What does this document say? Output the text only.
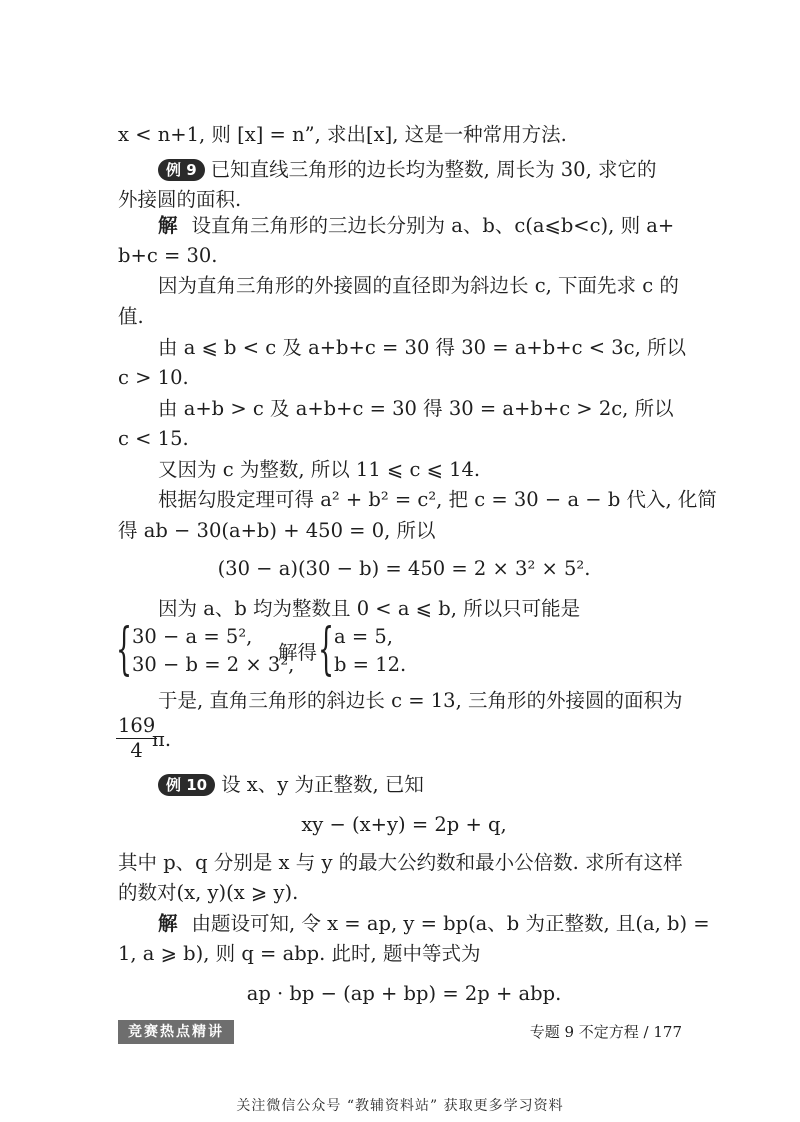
x < n+1, 则 [x] = n”, 求出[x], 这是一种常用方法.
例 9 已知直线三角形的边长均为整数, 周长为 30, 求它的
外接圆的面积.
解 设直角三角形的三边长分别为 a、b、c(a⩽b<c), 则 a+
b+c = 30.
因为直角三角形的外接圆的直径即为斜边长 c, 下面先求 c 的
值.
由 a ⩽ b < c 及 a+b+c = 30 得 30 = a+b+c < 3c, 所以
c > 10.
由 a+b > c 及 a+b+c = 30 得 30 = a+b+c > 2c, 所以
c < 15.
又因为 c 为整数, 所以 11 ⩽ c ⩽ 14.
根据勾股定理可得 a² + b² = c², 把 c = 30 − a − b 代入, 化简
得 ab − 30(a+b) + 450 = 0, 所以
(30 − a)(30 − b) = 450 = 2 × 3² × 5².
因为 a、b 均为整数且 0 < a ⩽ b, 所以只可能是
{ 30 − a = 5²,
30 − b = 2 × 3²,
解得 { a = 5,
b = 12.
于是, 直角三角形的斜边长 c = 13, 三角形的外接圆的面积为
$\frac{169}{4}$
π.
例 10 设 x、y 为正整数, 已知
xy − (x+y) = 2p + q,
其中 p、q 分别是 x 与 y 的最大公约数和最小公倍数. 求所有这样
的数对(x, y)(x ⩾ y).
解 由题设可知, 令 x = ap, y = bp(a、b 为正整数, 且(a, b) =
1, a ⩾ b), 则 q = abp. 此时, 题中等式为
ap · bp − (ap + bp) = 2p + abp.
竞赛热点精讲	专题 9 不定方程 / 177
关注微信公众号 “教辅资料站” 获取更多学习资料
